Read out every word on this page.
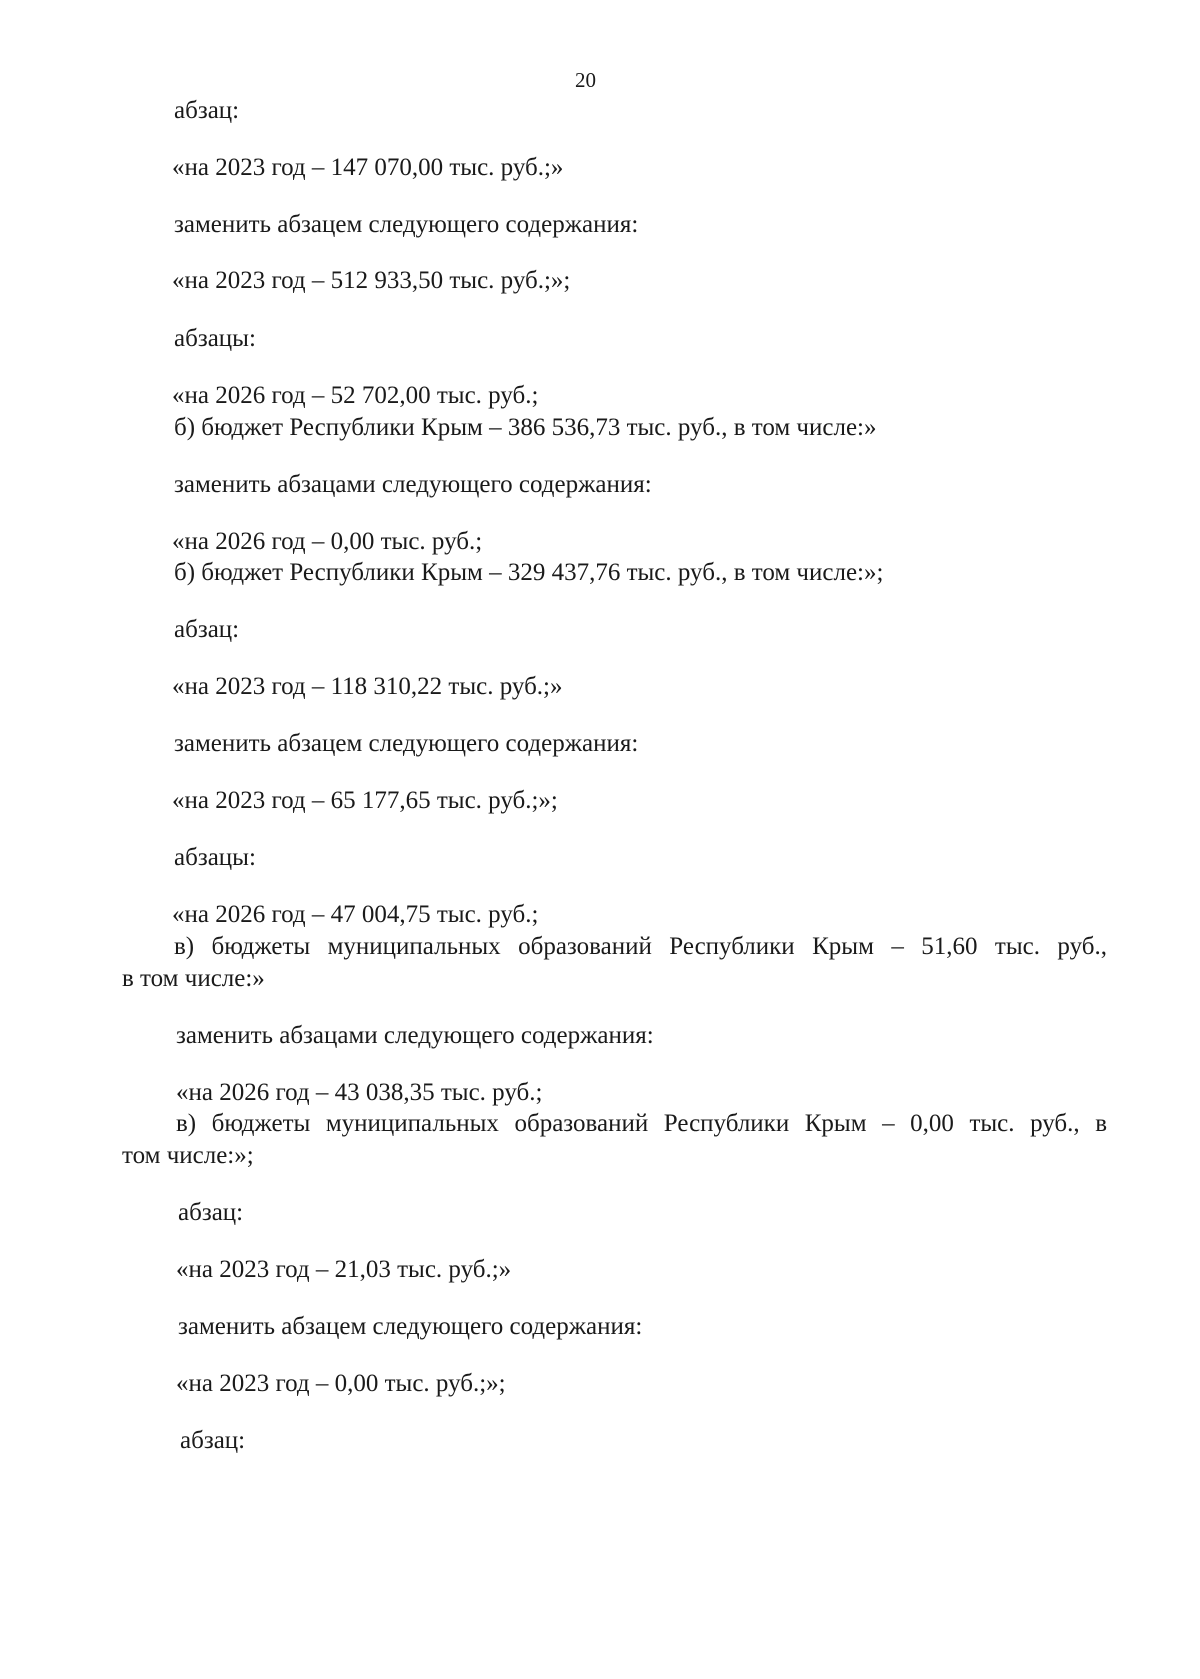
20

абзац:

«на 2023 год – 147 070,00 тыс. руб.;»

заменить абзацем следующего содержания:

«на 2023 год – 512 933,50 тыс. руб.;»;

абзацы:

«на 2026 год – 52 702,00 тыс. руб.;

б) бюджет Республики Крым – 386 536,73 тыс. руб., в том числе:»

заменить абзацами следующего содержания:

«на 2026 год – 0,00 тыс. руб.;

б) бюджет Республики Крым – 329 437,76 тыс. руб., в том числе:»;

абзац:

«на 2023 год – 118 310,22 тыс. руб.;»

заменить абзацем следующего содержания:

«на 2023 год – 65 177,65 тыс. руб.;»;

абзацы:

«на 2026 год – 47 004,75 тыс. руб.;

в) бюджеты муниципальных образований Республики Крым – 51,60 тыс. руб.,

в том числе:»

заменить абзацами следующего содержания:

«на 2026 год – 43 038,35 тыс. руб.;

в) бюджеты муниципальных образований Республики Крым – 0,00 тыс. руб., в

том числе:»;

абзац:

«на 2023 год – 21,03 тыс. руб.;»

заменить абзацем следующего содержания:

«на 2023 год – 0,00 тыс. руб.;»;

абзац:
